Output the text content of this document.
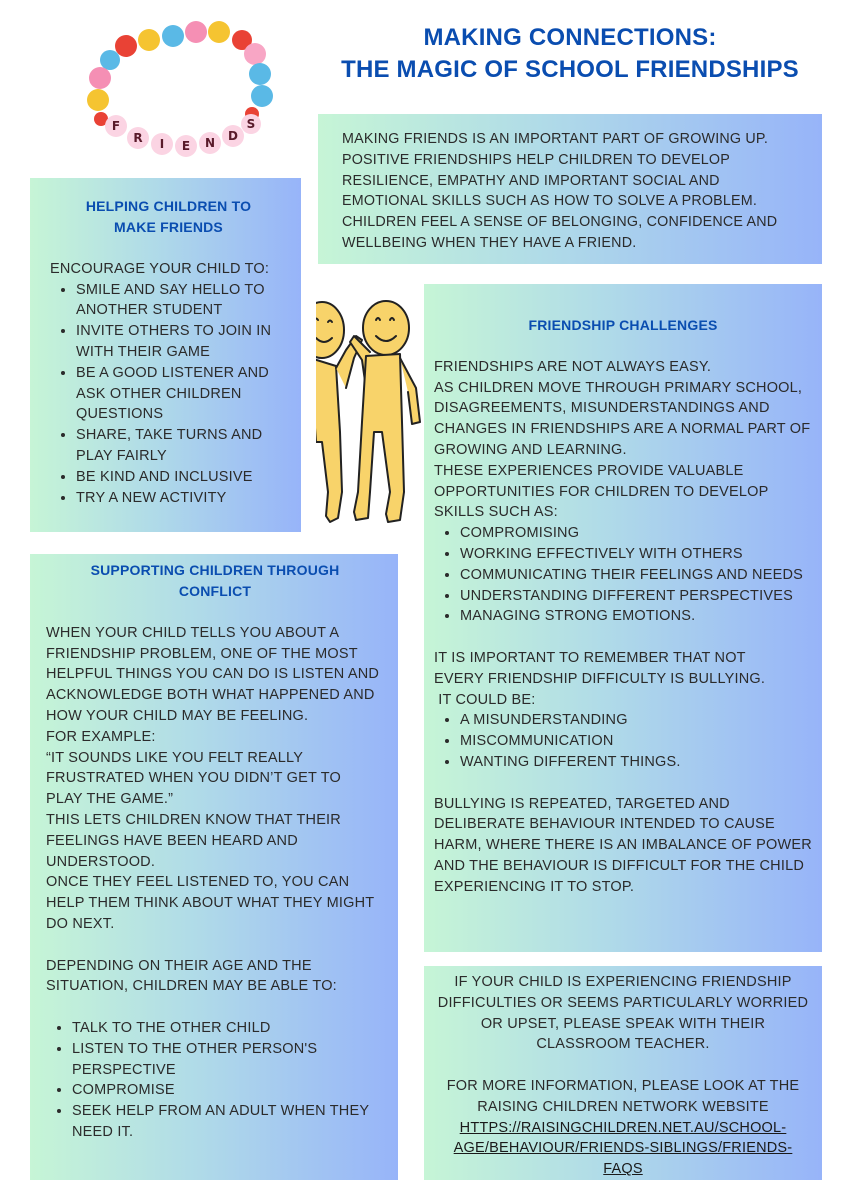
F
R I E N D
S
MAKING CONNECTIONS:
THE MAGIC OF SCHOOL FRIENDSHIPS

MAKING FRIENDS IS AN IMPORTANT PART OF GROWING UP.

POSITIVE FRIENDSHIPS HELP CHILDREN TO DEVELOP

RESILIENCE, EMPATHY AND IMPORTANT SOCIAL AND

EMOTIONAL SKILLS SUCH AS HOW TO SOLVE A PROBLEM.

CHILDREN FEEL A SENSE OF BELONGING, CONFIDENCE AND

WELLBEING WHEN THEY HAVE A FRIEND.

HELPING CHILDREN TO
MAKE FRIENDS

ENCOURAGE YOUR CHILD TO:

• SMILE AND SAY HELLO TO ANOTHER STUDENT
• INVITE OTHERS TO JOIN IN WITH THEIR GAME
• BE A GOOD LISTENER AND ASK OTHER CHILDREN QUESTIONS
• SHARE, TAKE TURNS AND PLAY FAIRLY
• BE KIND AND INCLUSIVE
• TRY A NEW ACTIVITY
FRIENDSHIP CHALLENGES

FRIENDSHIPS ARE NOT ALWAYS EASY.

AS CHILDREN MOVE THROUGH PRIMARY SCHOOL, DISAGREEMENTS, MISUNDERSTANDINGS AND CHANGES IN FRIENDSHIPS ARE A NORMAL PART OF GROWING AND LEARNING.

THESE EXPERIENCES PROVIDE VALUABLE OPPORTUNITIES FOR CHILDREN TO DEVELOP SKILLS SUCH AS:

• COMPROMISING
• WORKING EFFECTIVELY WITH OTHERS
• COMMUNICATING THEIR FEELINGS AND NEEDS
• UNDERSTANDING DIFFERENT PERSPECTIVES
• MANAGING STRONG EMOTIONS.

IT IS IMPORTANT TO REMEMBER THAT NOT EVERY FRIENDSHIP DIFFICULTY IS BULLYING.

IT COULD BE:

• A MISUNDERSTANDING
• MISCOMMUNICATION
• WANTING DIFFERENT THINGS.

BULLYING IS REPEATED, TARGETED AND DELIBERATE BEHAVIOUR INTENDED TO CAUSE HARM, WHERE THERE IS AN IMBALANCE OF POWER AND THE BEHAVIOUR IS DIFFICULT FOR THE CHILD EXPERIENCING IT TO STOP.

SUPPORTING CHILDREN THROUGH
CONFLICT

WHEN YOUR CHILD TELLS YOU ABOUT A FRIENDSHIP PROBLEM, ONE OF THE MOST HELPFUL THINGS YOU CAN DO IS LISTEN AND ACKNOWLEDGE BOTH WHAT HAPPENED AND HOW YOUR CHILD MAY BE FEELING.

FOR EXAMPLE:

“IT SOUNDS LIKE YOU FELT REALLY FRUSTRATED WHEN YOU DIDN’T GET TO PLAY THE GAME.”

THIS LETS CHILDREN KNOW THAT THEIR FEELINGS HAVE BEEN HEARD AND UNDERSTOOD.

ONCE THEY FEEL LISTENED TO, YOU CAN HELP THEM THINK ABOUT WHAT THEY MIGHT DO NEXT.

DEPENDING ON THEIR AGE AND THE SITUATION, CHILDREN MAY BE ABLE TO:

• TALK TO THE OTHER CHILD
• LISTEN TO THE OTHER PERSON'S PERSPECTIVE
• COMPROMISE
• SEEK HELP FROM AN ADULT WHEN THEY NEED IT.

IF YOUR CHILD IS EXPERIENCING FRIENDSHIP DIFFICULTIES OR SEEMS PARTICULARLY WORRIED OR UPSET, PLEASE SPEAK WITH THEIR CLASSROOM TEACHER.

FOR MORE INFORMATION, PLEASE LOOK AT THE RAISING CHILDREN NETWORK WEBSITE

HTTPS://RAISINGCHILDREN.NET.AU/SCHOOL-AGE/BEHAVIOUR/FRIENDS-SIBLINGS/FRIENDS-FAQS
